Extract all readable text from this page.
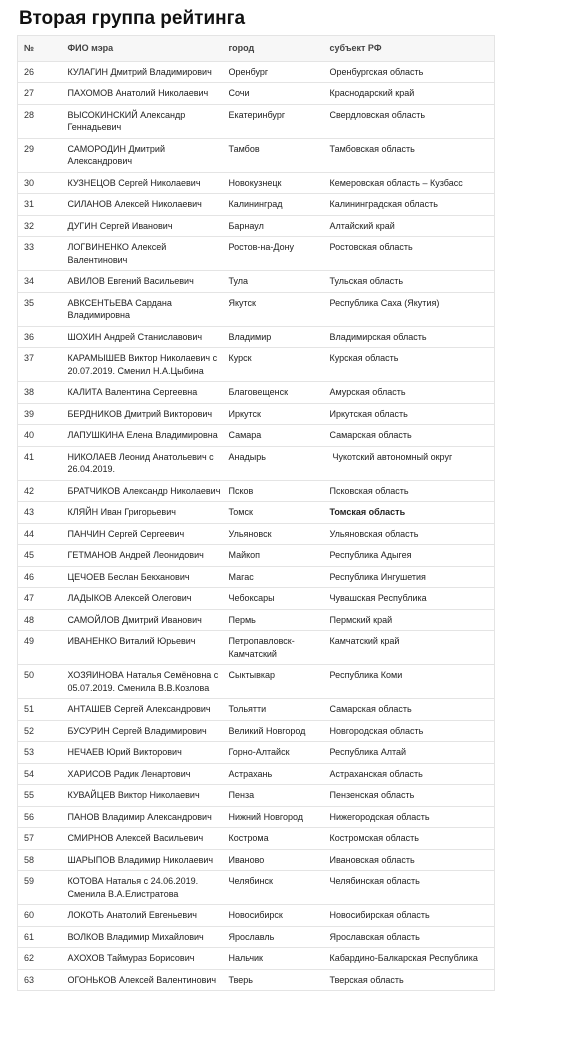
Вторая группа рейтинга
№	ФИО мэра	город	субъект РФ
26	КУЛАГИН Дмитрий Владимирович	Оренбург	Оренбургская область
27	ПАХОМОВ Анатолий Николаевич	Сочи	Краснодарский край
28	ВЫСОКИНСКИЙ Александр Геннадьевич	Екатеринбург	Свердловская область
29	САМОРОДИН Дмитрий Александрович	Тамбов	Тамбовская область
30	КУЗНЕЦОВ Сергей Николаевич	Новокузнецк	Кемеровская область – Кузбасс
31	СИЛАНОВ Алексей Николаевич	Калининград	Калининградская область
32	ДУГИН Сергей Иванович	Барнаул	Алтайский край
33	ЛОГВИНЕНКО Алексей Валентинович	Ростов-на-Дону	Ростовская область
34	АВИЛОВ Евгений Васильевич	Тула	Тульская область
35	АВКСЕНТЬЕВА Сардана Владимировна	Якутск	Республика Саха (Якутия)
36	ШОХИН Андрей Станиславович	Владимир	Владимирская область
37	КАРАМЫШЕВ Виктор Николаевич с 20.07.2019. Сменил Н.А.Цыбина	Курск	Курская область
38	КАЛИТА Валентина Сергеевна	Благовещенск	Амурская область
39	БЕРДНИКОВ Дмитрий Викторович	Иркутск	Иркутская область
40	ЛАПУШКИНА Елена Владимировна	Самара	Самарская область
41	НИКОЛАЕВ Леонид Анатольевич с 26.04.2019.	Анадырь	Чукотский автономный округ
42	БРАТЧИКОВ Александр Николаевич	Псков	Псковская область
43	КЛЯЙН Иван Григорьевич	Томск	Томская область
44	ПАНЧИН Сергей Сергеевич	Ульяновск	Ульяновская область
45	ГЕТМАНОВ Андрей Леонидович	Майкоп	Республика Адыгея
46	ЦЕЧОЕВ Беслан Бекханович	Магас	Республика Ингушетия
47	ЛАДЫКОВ Алексей Олегович	Чебоксары	Чувашская Республика
48	САМОЙЛОВ Дмитрий Иванович	Пермь	Пермский край
49	ИВАНЕНКО Виталий Юрьевич	Петропавловск-Камчатский	Камчатский край
50	ХОЗЯИНОВА Наталья Семёновна с 05.07.2019. Сменила В.В.Козлова	Сыктывкар	Республика Коми
51	АНТАШЕВ Сергей Александрович	Тольятти	Самарская область
52	БУСУРИН Сергей Владимирович	Великий Новгород	Новгородская область
53	НЕЧАЕВ Юрий Викторович	Горно-Алтайск	Республика Алтай
54	ХАРИСОВ Радик Ленартович	Астрахань	Астраханская область
55	КУВАЙЦЕВ Виктор Николаевич	Пенза	Пензенская область
56	ПАНОВ Владимир Александрович	Нижний Новгород	Нижегородская область
57	СМИРНОВ Алексей Васильевич	Кострома	Костромская область
58	ШАРЫПОВ Владимир Николаевич	Иваново	Ивановская область
59	КОТОВА Наталья с 24.06.2019. Сменила В.А.Елистратова	Челябинск	Челябинская область
60	ЛОКОТЬ Анатолий Евгеньевич	Новосибирск	Новосибирская область
61	ВОЛКОВ Владимир Михайлович	Ярославль	Ярославская область
62	АХОХОВ Таймураз Борисович	Нальчик	Кабардино-Балкарская Республика
63	ОГОНЬКОВ Алексей Валентинович	Тверь	Тверская область
